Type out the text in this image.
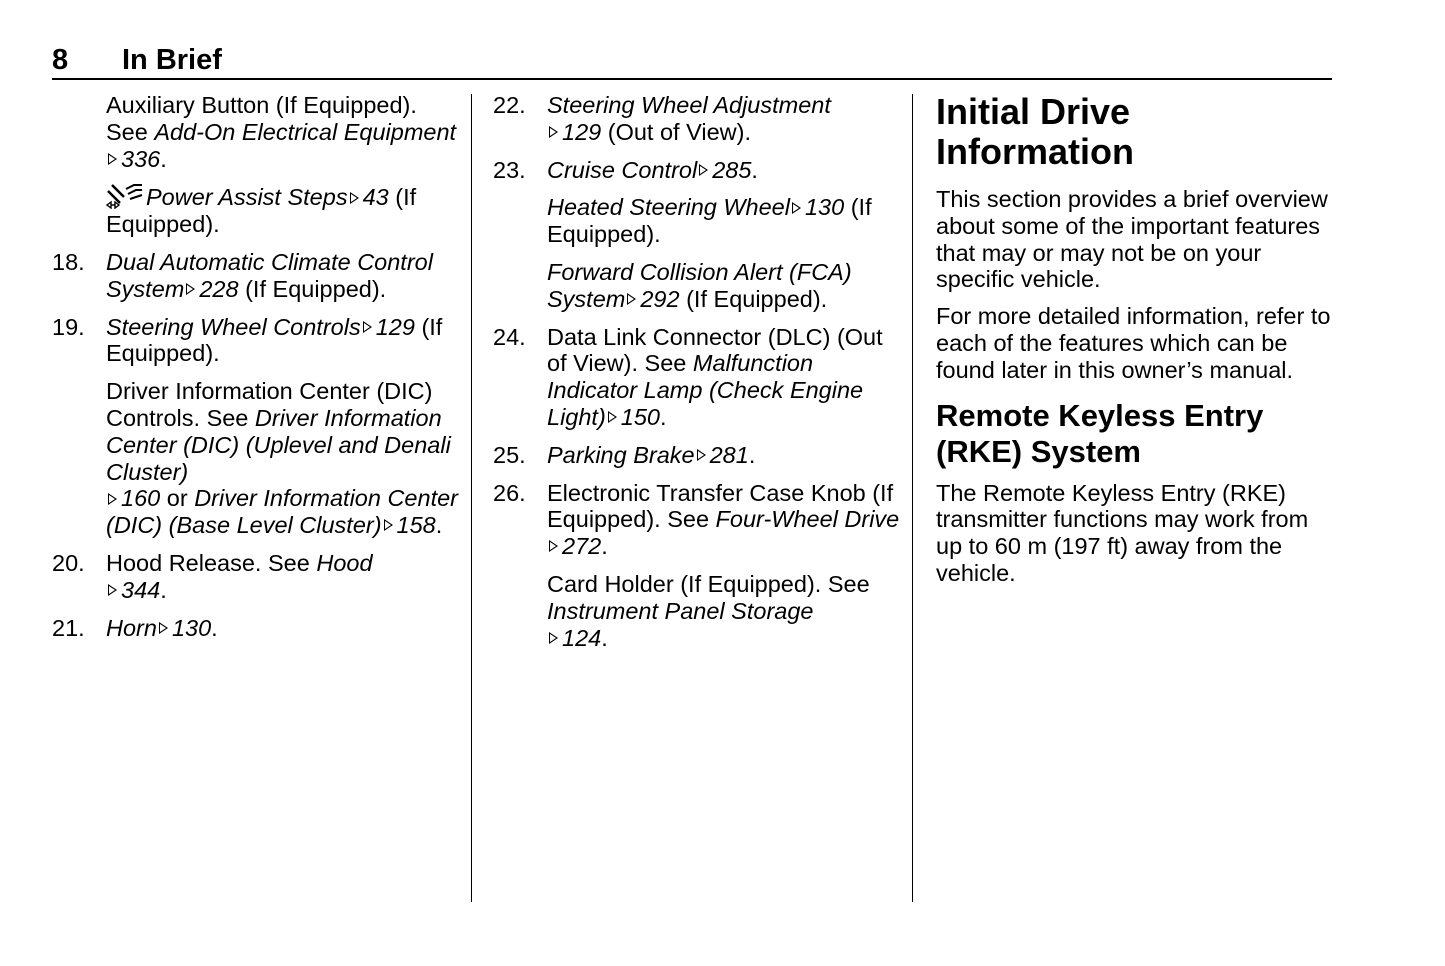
8 In Brief
Auxiliary Button (If Equipped). See Add-On Electrical Equipment336.
Power Assist Steps 43 (If Equipped).
18. Dual Automatic Climate Control System 228 (If Equipped).
19. Steering Wheel Controls 129 (If Equipped).
Driver Information Center (DIC) Controls. See Driver Information Center (DIC) (Uplevel and Denali Cluster)
160 or Driver Information Center (DIC) (Base Level Cluster) 158.
20. Hood Release. See Hood
344.
21. Horn 130.
22. Steering Wheel Adjustment
129 (Out of View).
23. Cruise Control 285.
Heated Steering Wheel 130 (If Equipped).
Forward Collision Alert (FCA) System 292 (If Equipped).
24. Data Link Connector (DLC) (Out of View). See Malfunction Indicator Lamp (Check Engine Light) 150.
25. Parking Brake 281.
26. Electronic Transfer Case Knob (If Equipped). See Four-Wheel Drive272.
Card Holder (If Equipped). See Instrument Panel Storage
124.
Initial Drive Information

This section provides a brief overview about some of the important features that may or may not be on your specific vehicle.

For more detailed information, refer to each of the features which can be found later in this owner’s manual.

Remote Keyless Entry (RKE) System

The Remote Keyless Entry (RKE) transmitter functions may work from up to 60 m (197 ft) away from the vehicle.
